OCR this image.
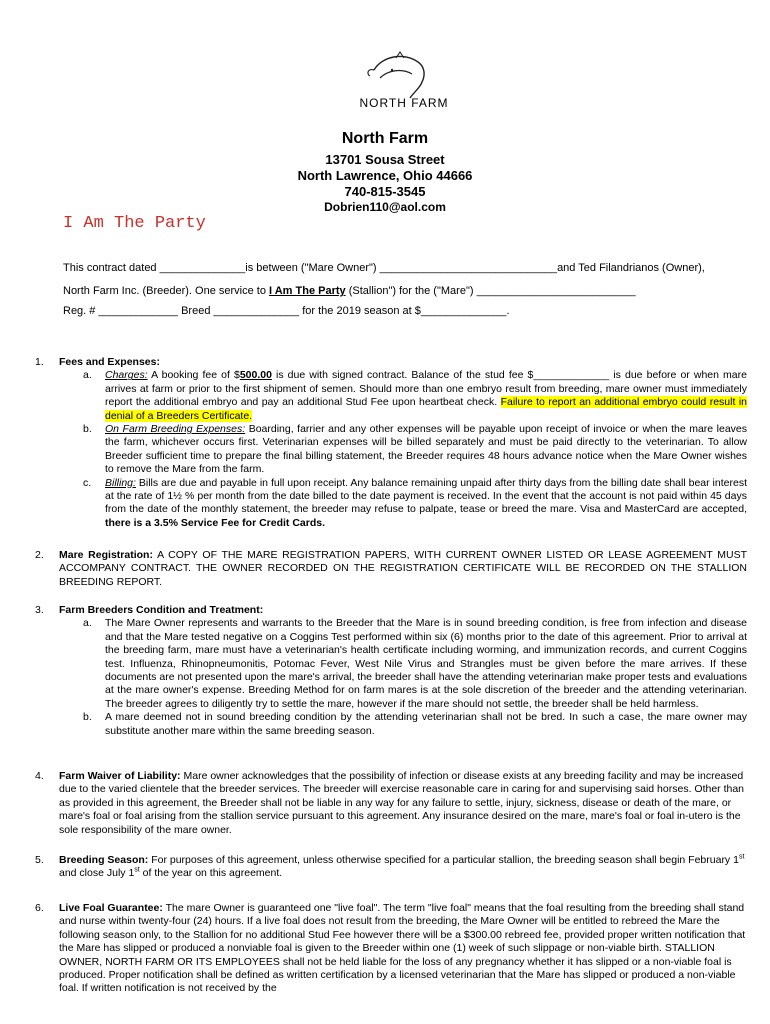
NORTH FARM
North Farm
13701 Sousa Street
North Lawrence, Ohio 44666
740-815-3545
Dobrien110@aol.com
I Am The Party
This contract dated ______________is between ("Mare Owner") _____________________________and Ted Filandrianos (Owner),
North Farm Inc. (Breeder). One service to I Am The Party (Stallion") for the ("Mare") __________________________
Reg. # _____________ Breed ______________ for the 2019 season at $______________.
1. Fees and Expenses:
a. Charges: A booking fee of $500.00 is due with signed contract. Balance of the stud fee $_____________ is due before or when mare arrives at farm or prior to the first shipment of semen. Should more than one embryo result from breeding, mare owner must immediately report the additional embryo and pay an additional Stud Fee upon heartbeat check. Failure to report an additional embryo could result in denial of a Breeders Certificate.
b. On Farm Breeding Expenses: Boarding, farrier and any other expenses will be payable upon receipt of invoice or when the mare leaves the farm, whichever occurs first. Veterinarian expenses will be billed separately and must be paid directly to the veterinarian. To allow Breeder sufficient time to prepare the final billing statement, the Breeder requires 48 hours advance notice when the Mare Owner wishes to remove the Mare from the farm.
c. Billing: Bills are due and payable in full upon receipt. Any balance remaining unpaid after thirty days from the billing date shall bear interest at the rate of 1½ % per month from the date billed to the date payment is received. In the event that the account is not paid within 45 days from the date of the monthly statement, the breeder may refuse to palpate, tease or breed the mare. Visa and MasterCard are accepted, there is a 3.5% Service Fee for Credit Cards.
2. Mare Registration: A COPY OF THE MARE REGISTRATION PAPERS, WITH CURRENT OWNER LISTED OR LEASE AGREEMENT MUST ACCOMPANY CONTRACT. THE OWNER RECORDED ON THE REGISTRATION CERTIFICATE WILL BE RECORDED ON THE STALLION BREEDING REPORT.
3. Farm Breeders Condition and Treatment:
a. The Mare Owner represents and warrants to the Breeder that the Mare is in sound breeding condition, is free from infection and disease and that the Mare tested negative on a Coggins Test performed within six (6) months prior to the date of this agreement. Prior to arrival at the breeding farm, mare must have a veterinarian's health certificate including worming, and immunization records, and current Coggins test. Influenza, Rhinopneumonitis, Potomac Fever, West Nile Virus and Strangles must be given before the mare arrives. If these documents are not presented upon the mare's arrival, the breeder shall have the attending veterinarian make proper tests and evaluations at the mare owner's expense. Breeding Method for on farm mares is at the sole discretion of the breeder and the attending veterinarian. The breeder agrees to diligently try to settle the mare, however if the mare should not settle, the breeder shall be held harmless.
b. A mare deemed not in sound breeding condition by the attending veterinarian shall not be bred. In such a case, the mare owner may substitute another mare within the same breeding season.
4. Farm Waiver of Liability: Mare owner acknowledges that the possibility of infection or disease exists at any breeding facility and may be increased due to the varied clientele that the breeder services. The breeder will exercise reasonable care in caring for and supervising said horses. Other than as provided in this agreement, the Breeder shall not be liable in any way for any failure to settle, injury, sickness, disease or death of the mare, or mare's foal or foal arising from the stallion service pursuant to this agreement. Any insurance desired on the mare, mare's foal or foal in-utero is the sole responsibility of the mare owner.
5. Breeding Season: For purposes of this agreement, unless otherwise specified for a particular stallion, the breeding season shall begin February 1st and close July 1st of the year on this agreement.
6. Live Foal Guarantee: The mare Owner is guaranteed one "live foal". The term "live foal" means that the foal resulting from the breeding shall stand and nurse within twenty-four (24) hours. If a live foal does not result from the breeding, the Mare Owner will be entitled to rebreed the Mare the following season only, to the Stallion for no additional Stud Fee however there will be a $300.00 rebreed fee, provided proper written notification that the Mare has slipped or produced a nonviable foal is given to the Breeder within one (1) week of such slippage or non-viable birth. STALLION OWNER, NORTH FARM OR ITS EMPLOYEES shall not be held liable for the loss of any pregnancy whether it has slipped or a non-viable foal is produced. Proper notification shall be defined as written certification by a licensed veterinarian that the Mare has slipped or produced a non-viable foal. If written notification is not received by the
